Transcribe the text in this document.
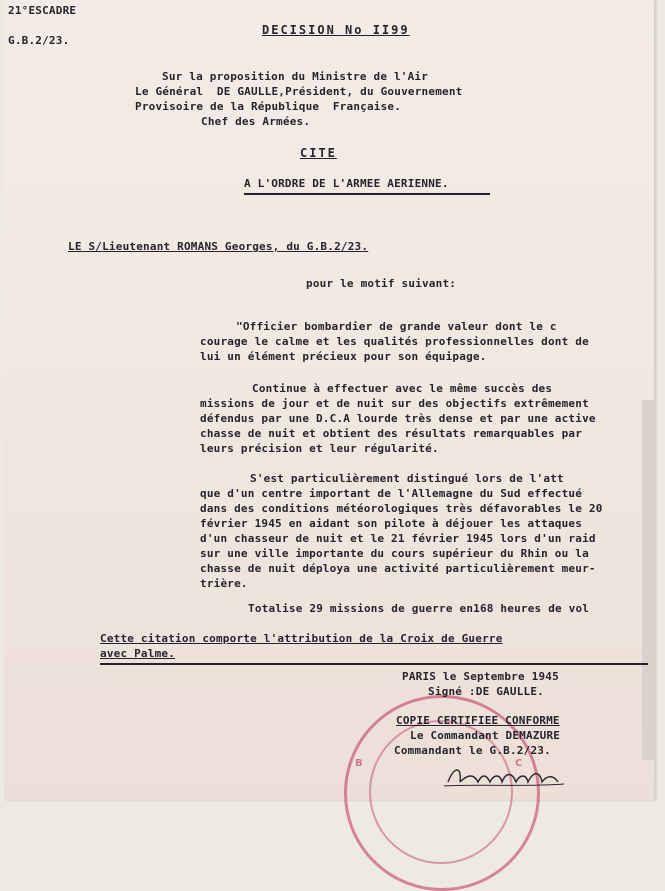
B	C
21°ESCADRE
G.B.2/23.
DECISION No II99
Sur la proposition du Ministre de l'Air
Le Général  DE GAULLE,Président, du Gouvernement
Provisoire de la République  Française.
Chef des Armées.
CITE
A L'ORDRE DE L'ARMEE AERIENNE.
LE S/Lieutenant ROMANS Georges, du G.B.2/23.
pour le motif suivant:
"Officier bombardier de grande valeur dont le c
courage le calme et les qualités professionnelles dont de
lui un élément précieux pour son équipage.
Continue à effectuer avec le même succès des
missions de jour et de nuit sur des objectifs extrêmement
défendus par une D.C.A lourde très dense et par une active
chasse de nuit et obtient des résultats remarquables par
leurs précision et leur régularité.
S'est particulièrement distingué lors de l'att
que d'un centre important de l'Allemagne du Sud effectué
dans des conditions météorologiques très défavorables le 20
février 1945 en aidant son pilote à déjouer les attaques
d'un chasseur de nuit et le 21 février 1945 lors d'un raid
sur une ville importante du cours supérieur du Rhin ou la
chasse de nuit déploya une activité particulièrement meur-
trière.
Totalise 29 missions de guerre en168 heures de vol
Cette citation comporte l'attribution de la Croix de Guerre
avec Palme.
PARIS le Septembre 1945
Signé :DE GAULLE.
COPIE CERTIFIEE CONFORME
Le Commandant DEMAZURE
Commandant le G.B.2/23.
